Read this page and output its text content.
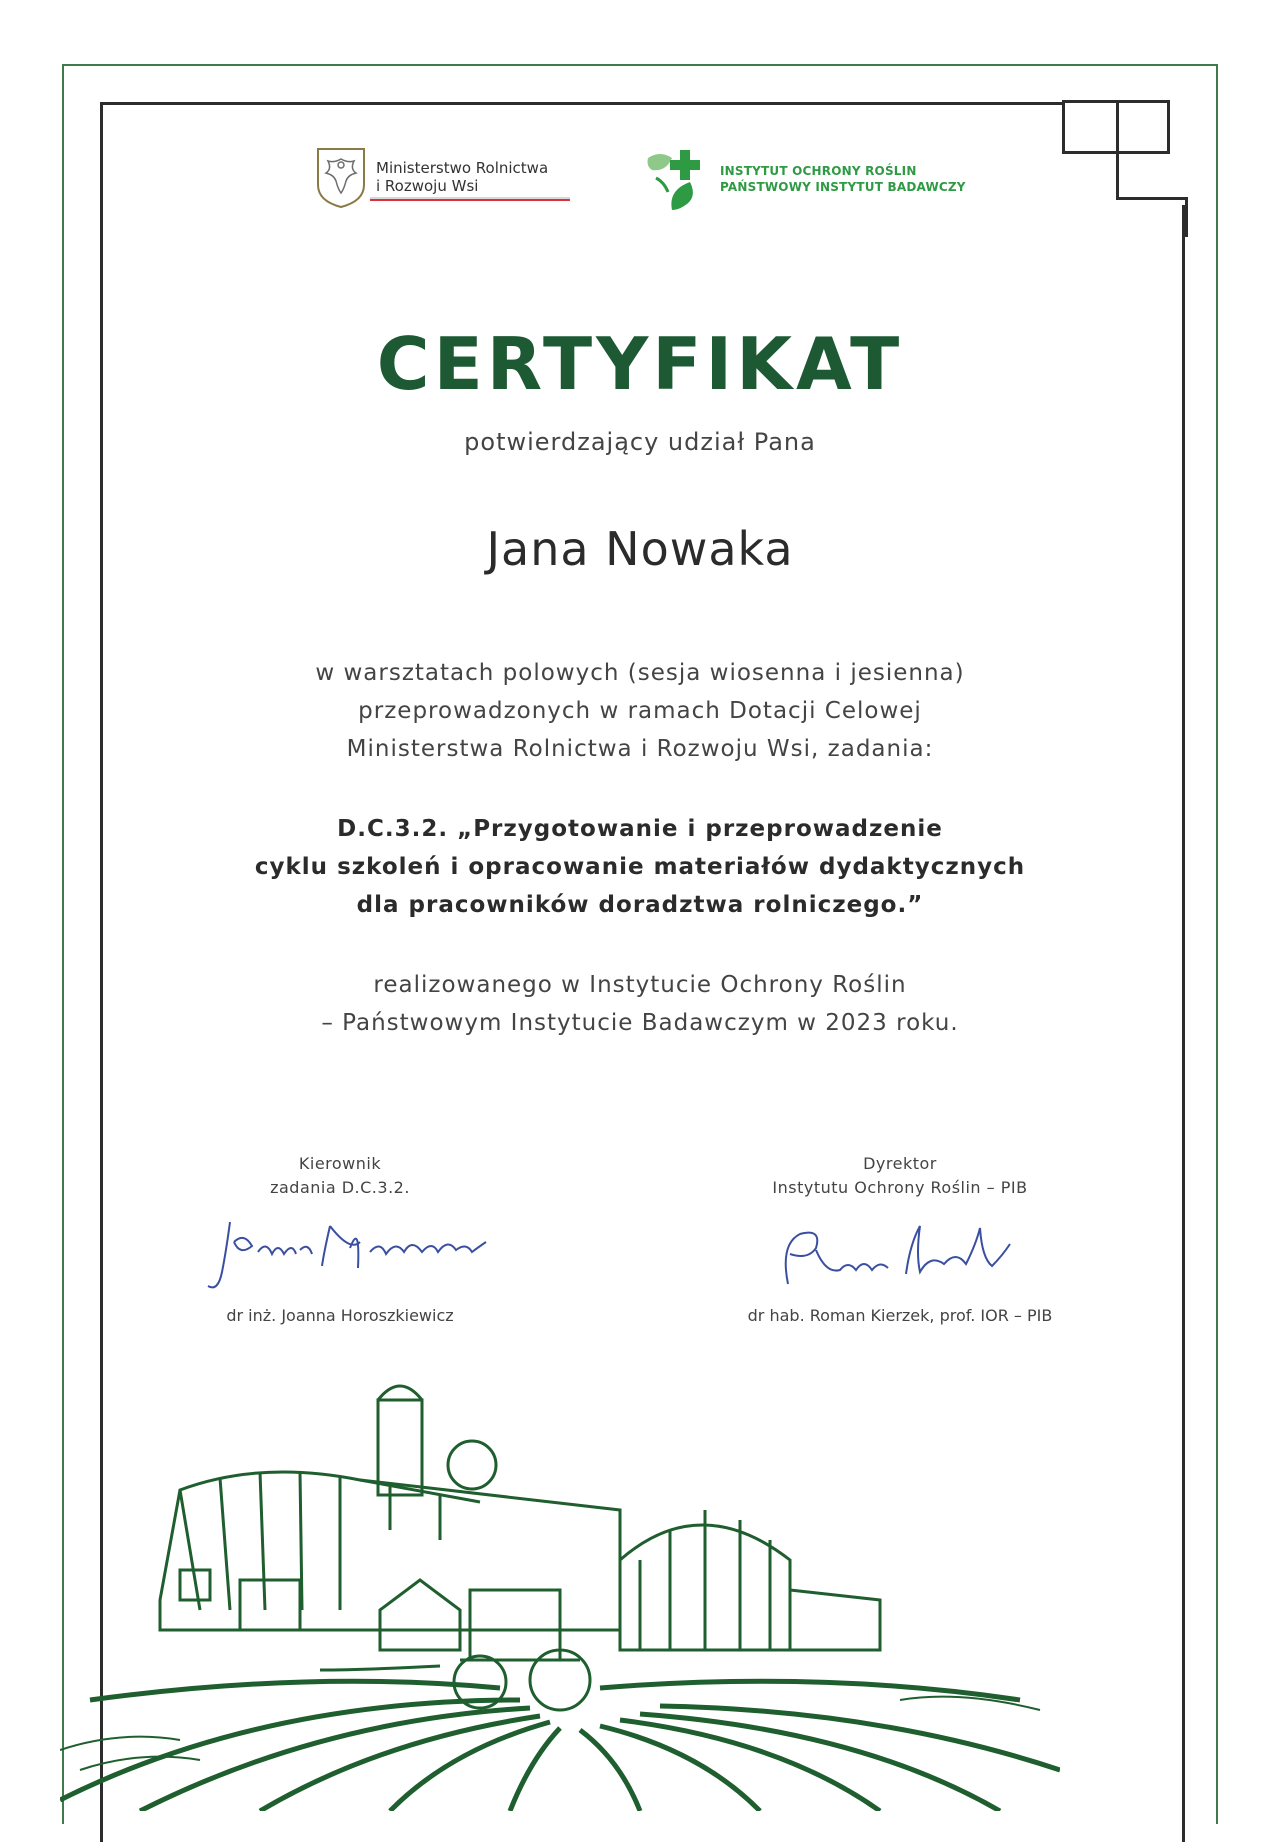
Ministerstwo Rolnictwa
i Rozwoju Wsi
INSTYTUT OCHRONY ROŚLIN
PAŃSTWOWY INSTYTUT BADAWCZY
CERTYFIKAT
potwierdzający udział Pana
Jana Nowaka
w warsztatach polowych (sesja wiosenna i jesienna)
przeprowadzonych w ramach Dotacji Celowej
Ministerstwa Rolnictwa i Rozwoju Wsi, zadania:
D.C.3.2. „Przygotowanie i przeprowadzenie
cyklu szkoleń i opracowanie materiałów dydaktycznych
dla pracowników doradztwa rolniczego.”
realizowanego w Instytucie Ochrony Roślin
– Państwowym Instytucie Badawczym w 2023 roku.
Kierownik
zadania D.C.3.2.
dr inż. Joanna Horoszkiewicz
Dyrektor
Instytutu Ochrony Roślin – PIB
dr hab. Roman Kierzek, prof. IOR – PIB
